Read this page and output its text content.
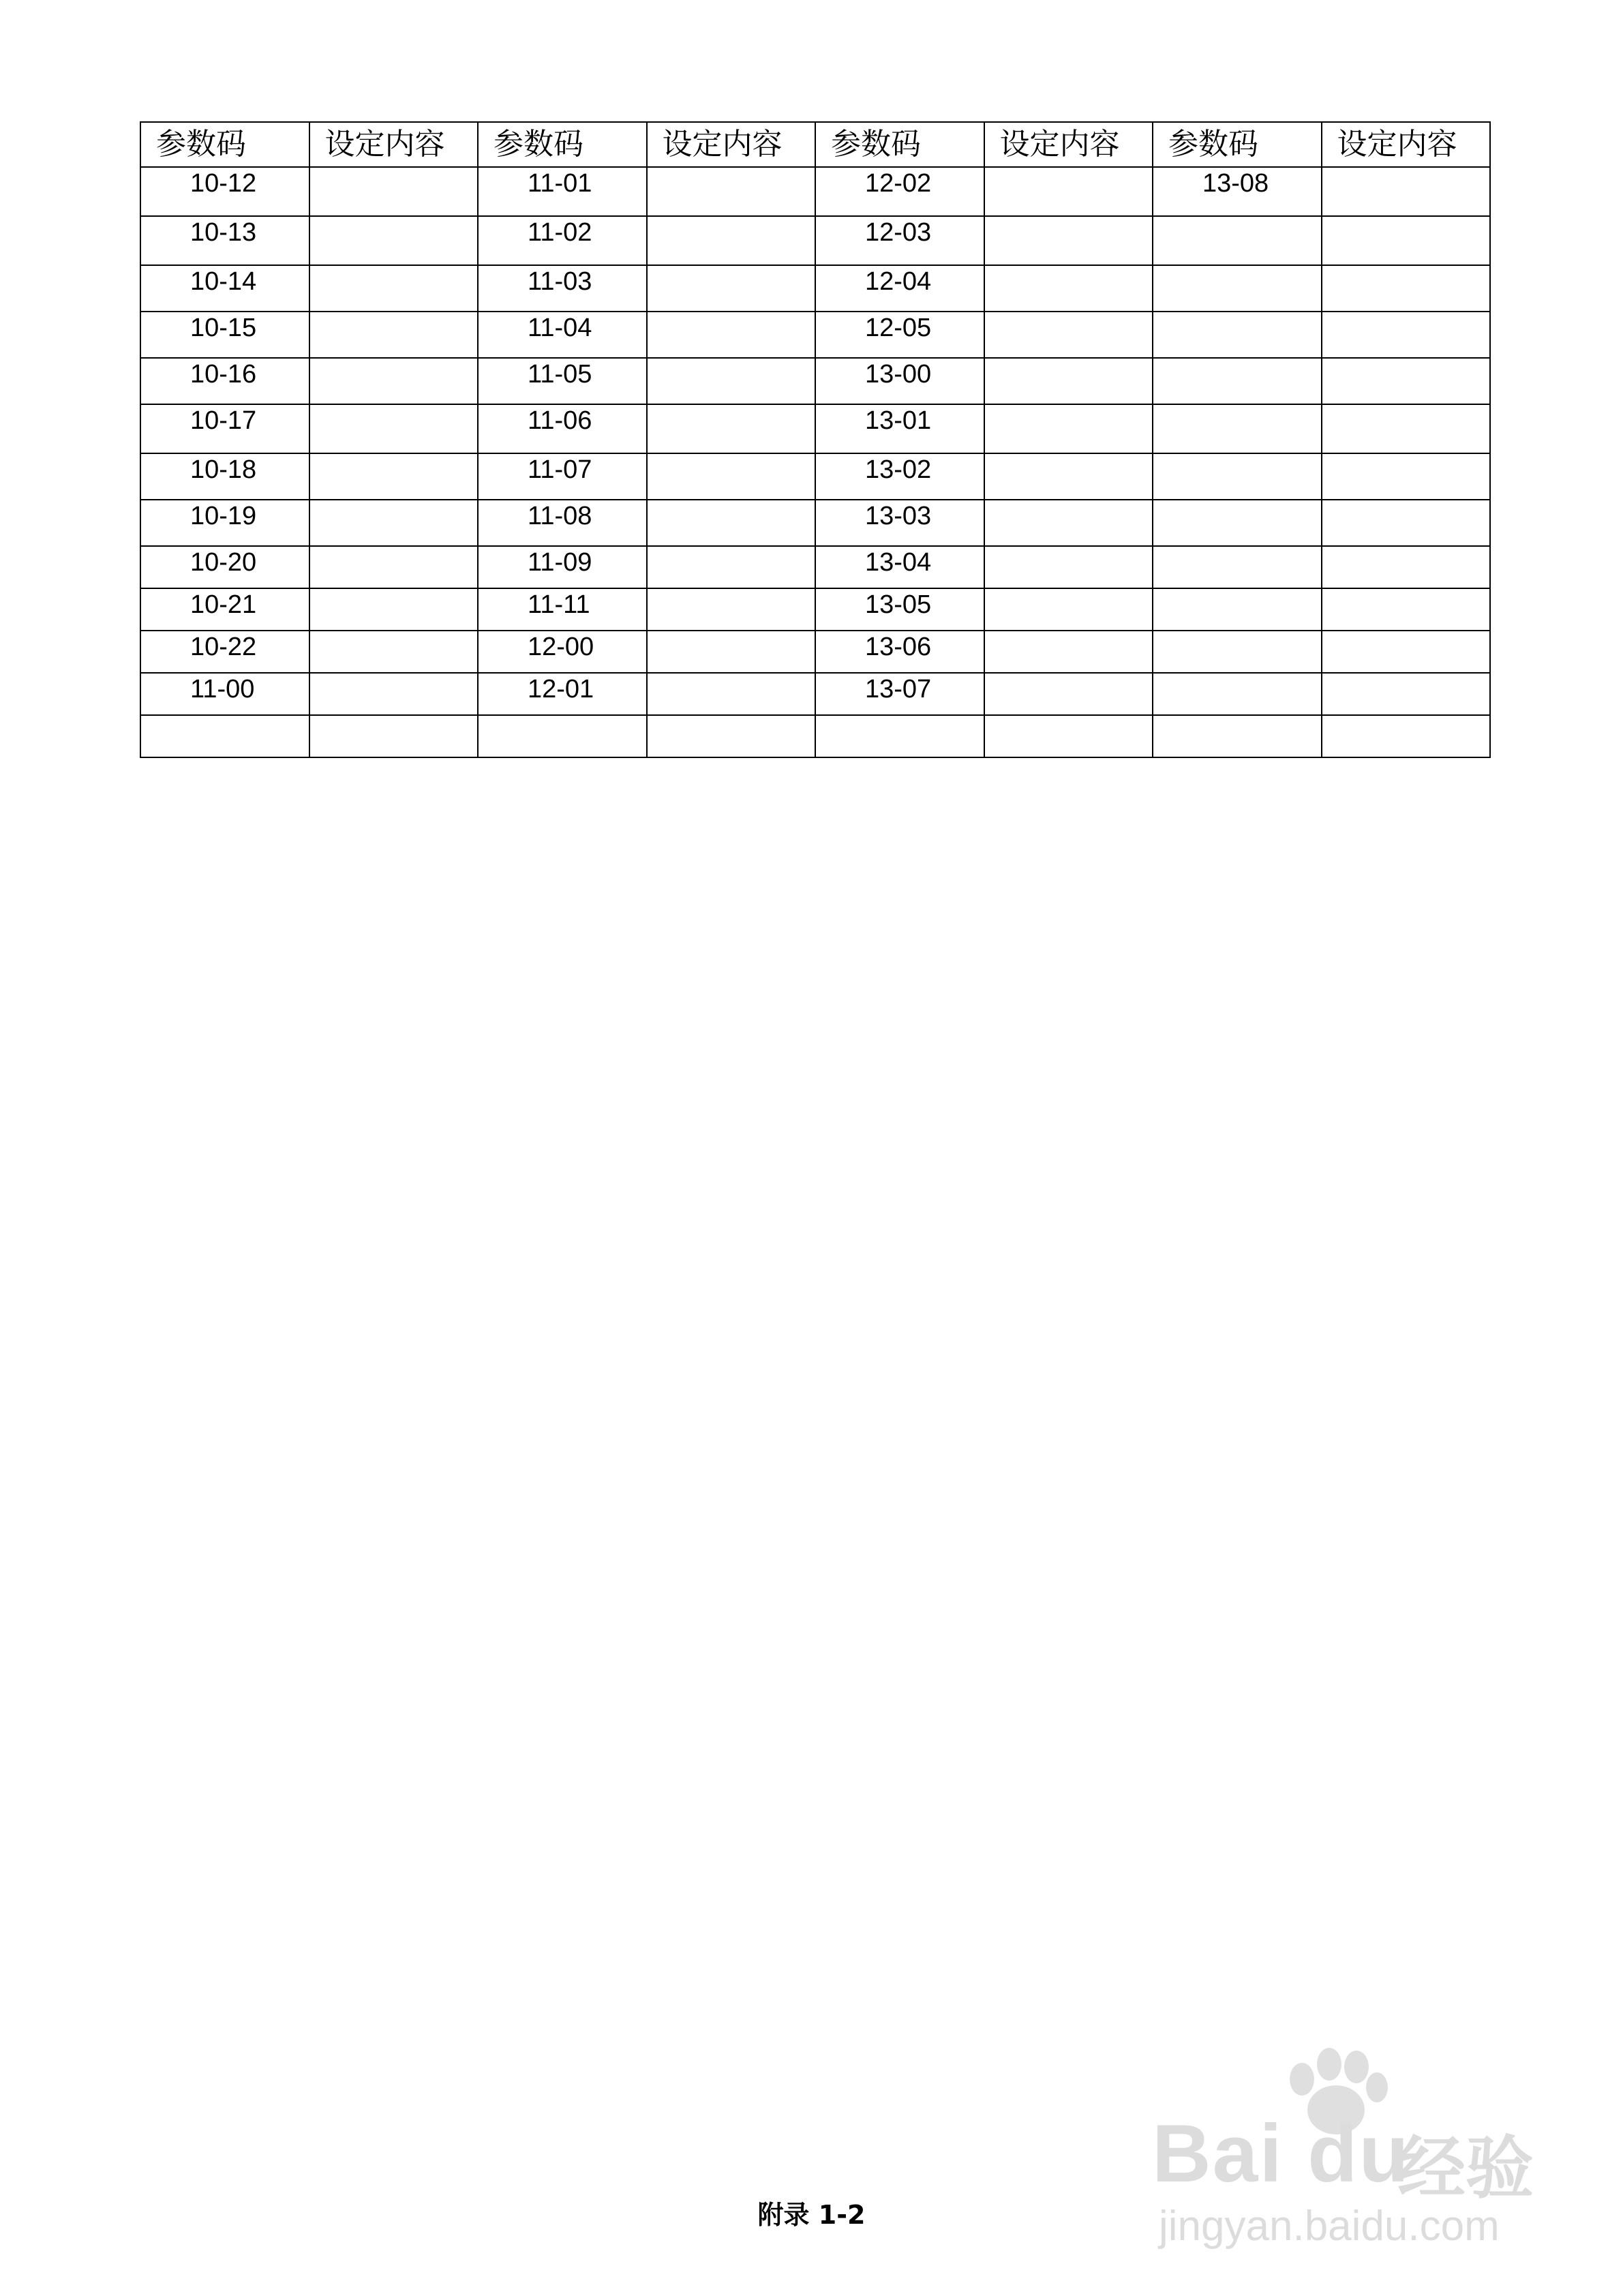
参数码	设定内容	参数码	设定内容	参数码	设定内容	参数码	设定内容
10-12		11-01		12-02		13-08	
10-13		11-02		12-03			
10-14		11-03		12-04			
10-15		11-04		12-05			
10-16		11-05		13-00			
10-17		11-06		13-01			
10-18		11-07		13-02			
10-19		11-08		13-03			
10-20		11-09		13-04			
10-21		11-11		13-05			
10-22		12-00		13-06			
11-00		12-01		13-07			

附录 1-2
Bai du
经验
jingyan.baidu.com
